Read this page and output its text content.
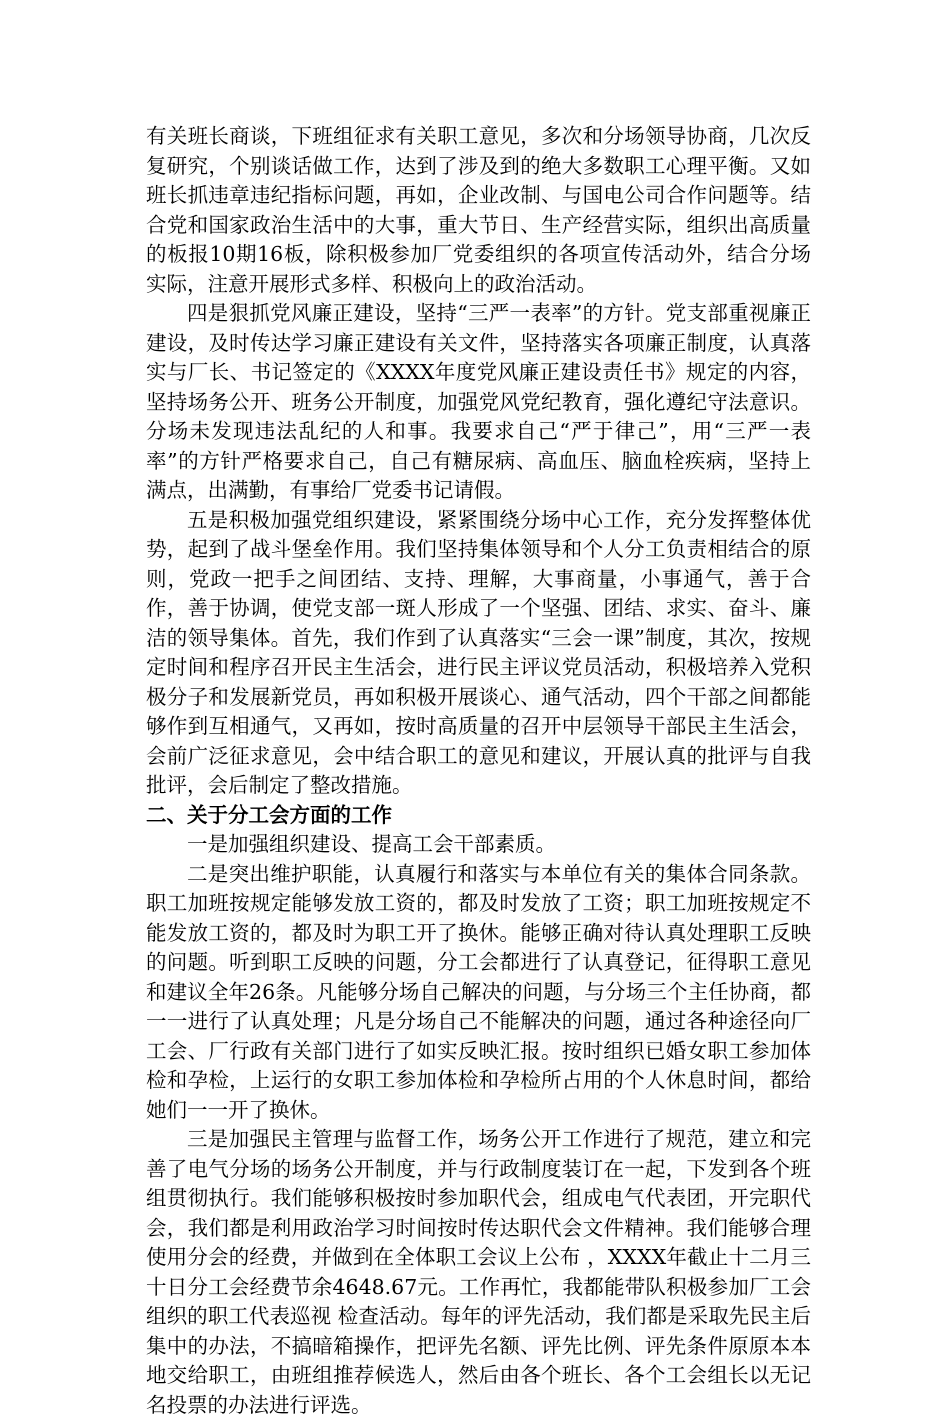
有关班长商谈，下班组征求有关职工意见，多次和分场领导协商，几次反复研究，个别谈话做工作，达到了涉及到的绝大多数职工心理平衡。又如班长抓违章违纪指标问题，再如，企业改制、与国电公司合作问题等。结合党和国家政治生活中的大事，重大节日、生产经营实际，组织出高质量的板报10期16板，除积极参加厂党委组织的各项宣传活动外，结合分场实际，注意开展形式多样、积极向上的政治活动。

四是狠抓党风廉正建设，坚持“三严一表率”的方针。党支部重视廉正建设，及时传达学习廉正建设有关文件，坚持落实各项廉正制度，认真落实与厂长、书记签定的《XXXX年度党风廉正建设责任书》规定的内容，坚持场务公开、班务公开制度，加强党风党纪教育，强化遵纪守法意识。分场未发现违法乱纪的人和事。我要求自己“严于律己”，用“三严一表率”的方针严格要求自己，自己有糖尿病、高血压、脑血栓疾病，坚持上满点，出满勤，有事给厂党委书记请假。

五是积极加强党组织建设，紧紧围绕分场中心工作，充分发挥整体优势，起到了战斗堡垒作用。我们坚持集体领导和个人分工负责相结合的原则，党政一把手之间团结、支持、理解，大事商量，小事通气，善于合作，善于协调，使党支部一斑人形成了一个坚强、团结、求实、奋斗、廉洁的领导集体。首先，我们作到了认真落实“三会一课”制度，其次，按规定时间和程序召开民主生活会，进行民主评议党员活动，积极培养入党积极分子和发展新党员，再如积极开展谈心、通气活动，四个干部之间都能够作到互相通气，又再如，按时高质量的召开中层领导干部民主生活会，会前广泛征求意见，会中结合职工的意见和建议，开展认真的批评与自我批评，会后制定了整改措施。

二、关于分工会方面的工作

一是加强组织建设、提高工会干部素质。

二是突出维护职能，认真履行和落实与本单位有关的集体合同条款。职工加班按规定能够发放工资的，都及时发放了工资；职工加班按规定不能发放工资的，都及时为职工开了换休。能够正确对待认真处理职工反映的问题。听到职工反映的问题，分工会都进行了认真登记，征得职工意见和建议全年26条。凡能够分场自己解决的问题，与分场三个主任协商，都一一进行了认真处理；凡是分场自己不能解决的问题，通过各种途径向厂工会、厂行政有关部门进行了如实反映汇报。按时组织已婚女职工参加体检和孕检，上运行的女职工参加体检和孕检所占用的个人休息时间，都给她们一一开了换休。

三是加强民主管理与监督工作，场务公开工作进行了规范，建立和完善了电气分场的场务公开制度，并与行政制度装订在一起，下发到各个班组贯彻执行。我们能够积极按时参加职代会，组成电气代表团，开完职代会，我们都是利用政治学习时间按时传达职代会文件精神。我们能够合理使用分会的经费，并做到在全体职工会议上公布 ，XXXX年截止十二月三十日分工会经费节余4648.67元。工作再忙，我都能带队积极参加厂工会组织的职工代表巡视 检查活动。每年的评先活动，我们都是采取先民主后集中的办法，不搞暗箱操作，把评先名额、评先比例、评先条件原原本本地交给职工，由班组推荐候选人，然后由各个班长、各个工会组长以无记名投票的办法进行评选。
